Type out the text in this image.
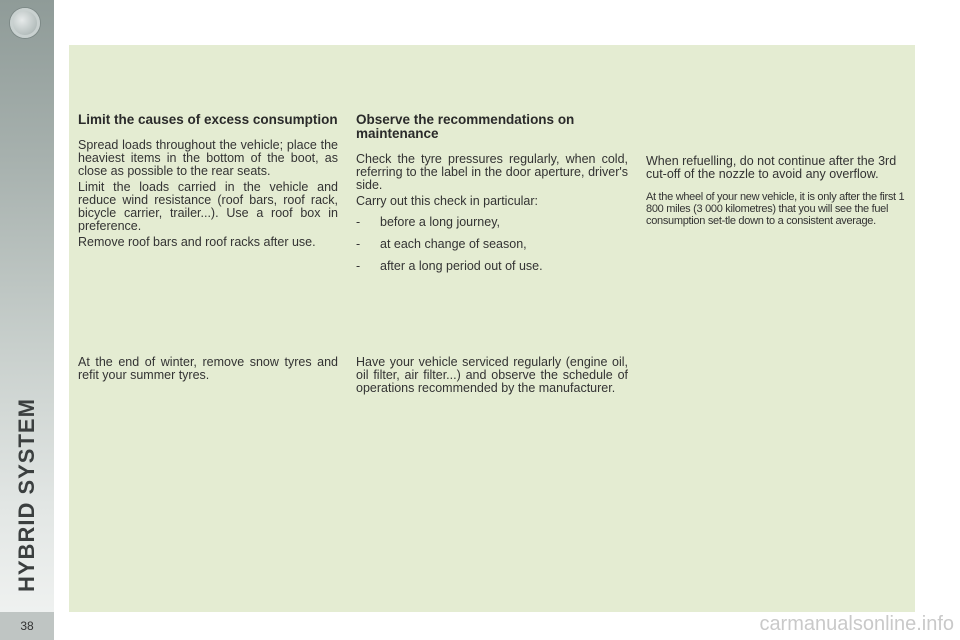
HYBRID SYSTEM
38
Limit the causes of excess consumption

Spread loads throughout the vehicle; place the heaviest items in the bottom of the boot, as close as possible to the rear seats.

Limit the loads carried in the vehicle and reduce wind resistance (roof bars, roof rack, bicycle carrier, trailer...). Use a roof box in preference.

Remove roof bars and roof racks after use.

At the end of winter, remove snow tyres and refit your summer tyres.

Observe the recommendations on maintenance

Check the tyre pressures regularly, when cold, referring to the label in the door aperture, driver's side.

Carry out this check in particular:

- before a long journey,
- at each change of season,
- after a long period out of use.

Have your vehicle serviced regularly (engine oil, oil filter, air filter...) and observe the schedule of operations recommended by the manufacturer.

When refuelling, do not continue after the 3rd cut-off of the nozzle to avoid any overflow.

At the wheel of your new vehicle, it is only after the first 1 800 miles (3 000 kilometres) that you will see the fuel consumption set-tle down to a consistent average.

carmanualsonline.info
